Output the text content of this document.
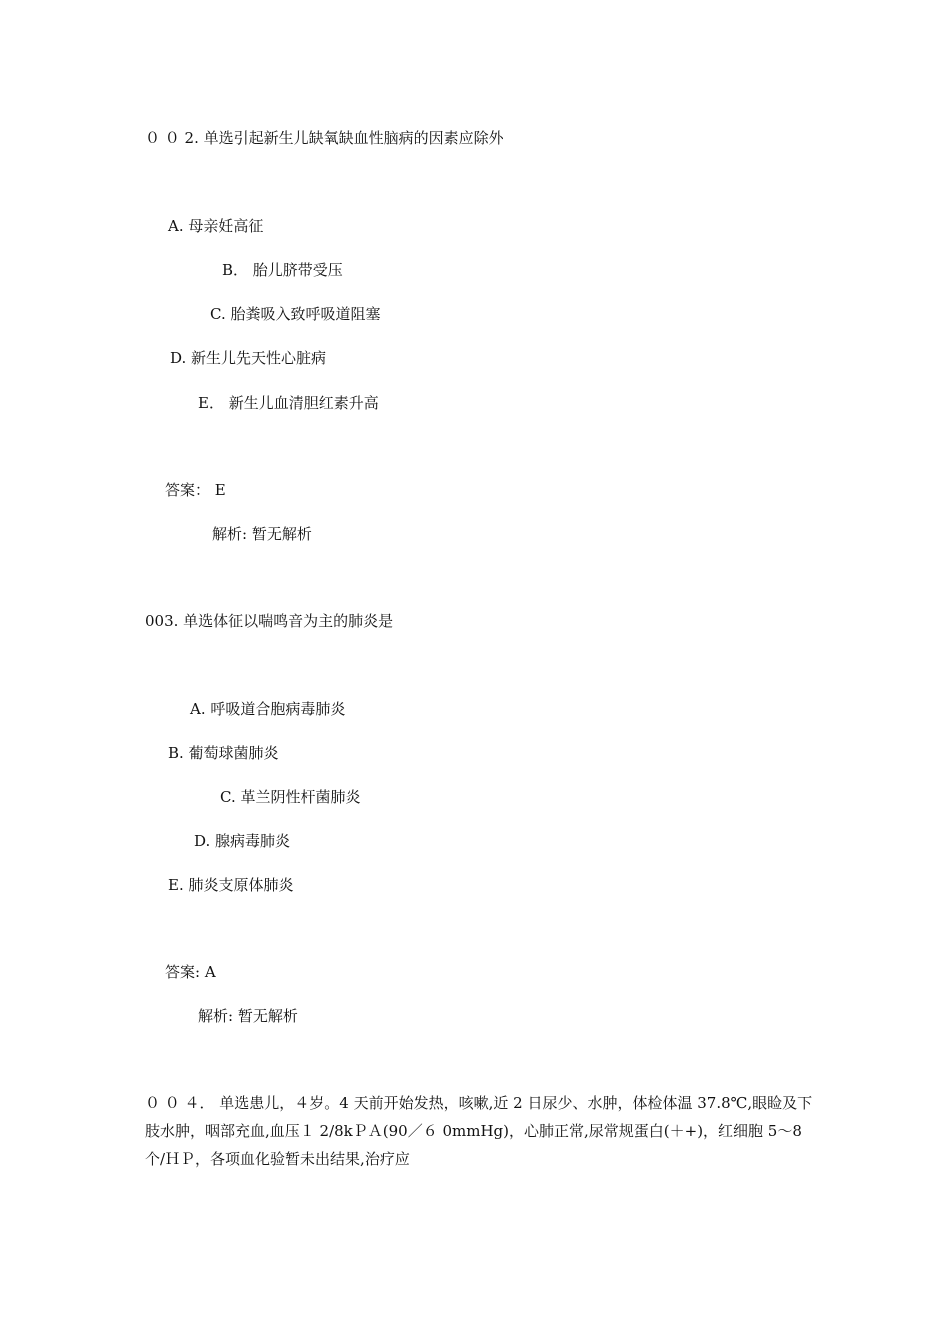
０ ０ 2. 单选引起新生儿缺氧缺血性脑病的因素应除外
A. 母亲妊高征
B． 胎儿脐带受压
C. 胎粪吸入致呼吸道阻塞
D. 新生儿先天性心脏病
E． 新生儿血清胆红素升高
答案： E
解析: 暂无解析
003. 单选体征以喘鸣音为主的肺炎是
A. 呼吸道合胞病毒肺炎
B. 葡萄球菌肺炎
C. 革兰阴性杆菌肺炎
D. 腺病毒肺炎
E. 肺炎支原体肺炎
答案: A
解析: 暂无解析
０ ０ ４． 单选患儿，４岁。4 天前开始发热，咳嗽,近 2 日尿少、水肿，体检体温 37.8℃,眼睑及下肢水肿，咽部充血,血压１ 2/8kＰＡ(90／６ 0mmHg)，心肺正常,尿常规蛋白(＋+)，红细胞 5～8 个/ＨＰ，各项血化验暂未出结果,治疗应
